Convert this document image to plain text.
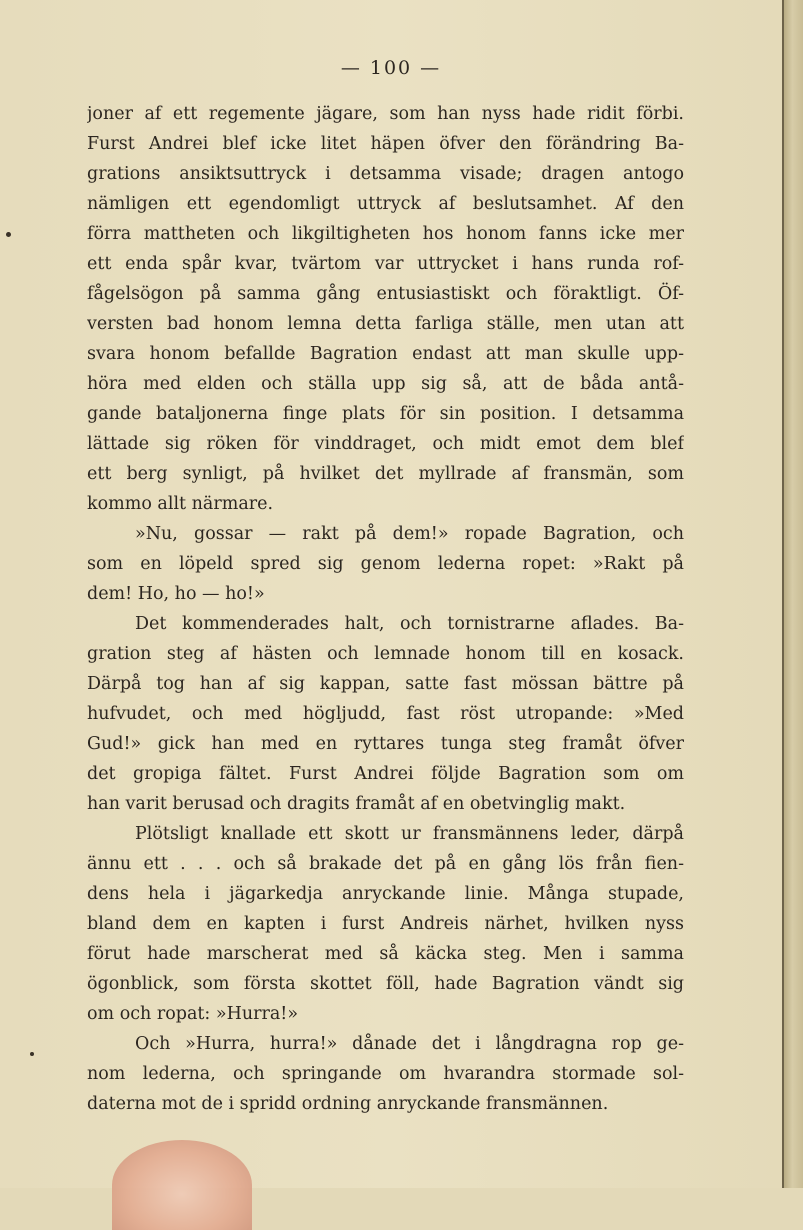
— 100 —
joner af ett regemente jägare, som han nyss hade ridit förbi.
Furst Andrei blef icke litet häpen öfver den förändring Ba-
grations ansiktsuttryck i detsamma visade; dragen antogo
nämligen ett egendomligt uttryck af beslutsamhet. Af den
förra mattheten och likgiltigheten hos honom fanns icke mer
ett enda spår kvar, tvärtom var uttrycket i hans runda rof-
fågelsögon på samma gång entusiastiskt och föraktligt. Öf-
versten bad honom lemna detta farliga ställe, men utan att
svara honom befallde Bagration endast att man skulle upp-
höra med elden och ställa upp sig så, att de båda antå-
gande bataljonerna finge plats för sin position. I detsamma
lättade sig röken för vinddraget, och midt emot dem blef
ett berg synligt, på hvilket det myllrade af fransmän, som
kommo allt närmare.
»Nu, gossar — rakt på dem!» ropade Bagration, och
som en löpeld spred sig genom lederna ropet: »Rakt på
dem! Ho, ho — ho!»
Det kommenderades halt, och tornistrarne aflades. Ba-
gration steg af hästen och lemnade honom till en kosack.
Därpå tog han af sig kappan, satte fast mössan bättre på
hufvudet, och med högljudd, fast röst utropande: »Med
Gud!» gick han med en ryttares tunga steg framåt öfver
det gropiga fältet. Furst Andrei följde Bagration som om
han varit berusad och dragits framåt af en obetvinglig makt.
Plötsligt knallade ett skott ur fransmännens leder, därpå
ännu ett . . . och så brakade det på en gång lös från fien-
dens hela i jägarkedja anryckande linie. Många stupade,
bland dem en kapten i furst Andreis närhet, hvilken nyss
förut hade marscherat med så käcka steg. Men i samma
ögonblick, som första skottet föll, hade Bagration vändt sig
om och ropat: »Hurra!»
Och »Hurra, hurra!» dånade det i långdragna rop ge-
nom lederna, och springande om hvarandra stormade sol-
daterna mot de i spridd ordning anryckande fransmännen.
